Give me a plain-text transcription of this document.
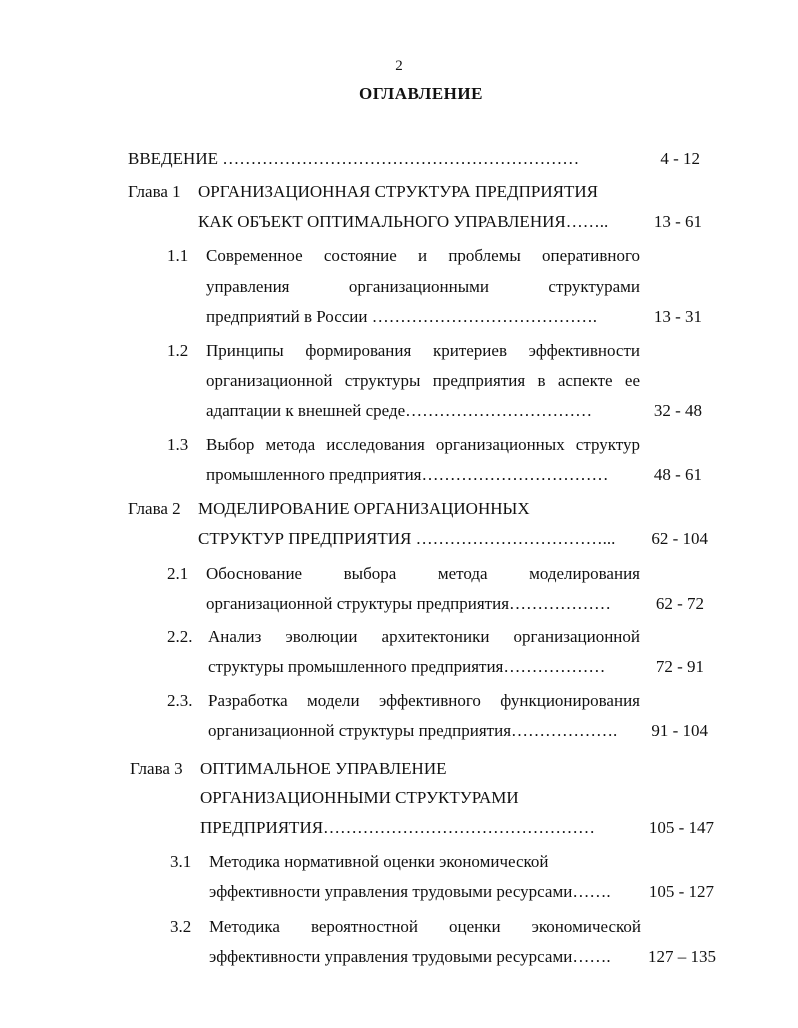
2
ОГЛАВЛЕНИЕ
ВВЕДЕНИЕ ………………………………………………………	4 - 12
Глава 1 ОРГАНИЗАЦИОННАЯ СТРУКТУРА ПРЕДПРИЯТИЯ
КАК ОБЪЕКТ ОПТИМАЛЬНОГО УПРАВЛЕНИЯ……..	13 - 61
1.1 Современное состояние и проблемы оперативного
управления организационными структурами
предприятий в России ………………………………….	13 - 31
1.2 Принципы формирования критериев эффективности
организационной структуры предприятия в аспекте ее
адаптации к внешней среде……………………………	32 - 48
1.3 Выбор метода исследования организационных структур
промышленного предприятия……………………………	48 - 61
Глава 2 МОДЕЛИРОВАНИЕ ОРГАНИЗАЦИОННЫХ
СТРУКТУР ПРЕДПРИЯТИЯ ……………………………... 62 - 104
2.1 Обоснование выбора метода моделирования
организационной структуры предприятия………………	62 - 72
2.2. Анализ эволюции архитектоники организационной
структуры промышленного предприятия………………	72 - 91
2.3. Разработка модели эффективного функционирования
организационной структуры предприятия………………. 91 - 104
Глава 3 ОПТИМАЛЬНОЕ УПРАВЛЕНИЕ
ОРГАНИЗАЦИОННЫМИ СТРУКТУРАМИ
ПРЕДПРИЯТИЯ…………………………………………	105 - 147
3.1 Методика нормативной оценки экономической
эффективности управления трудовыми ресурсами……. 105 - 127
3.2 Методика вероятностной оценки экономической
эффективности управления трудовыми ресурсами……. 127 – 135
